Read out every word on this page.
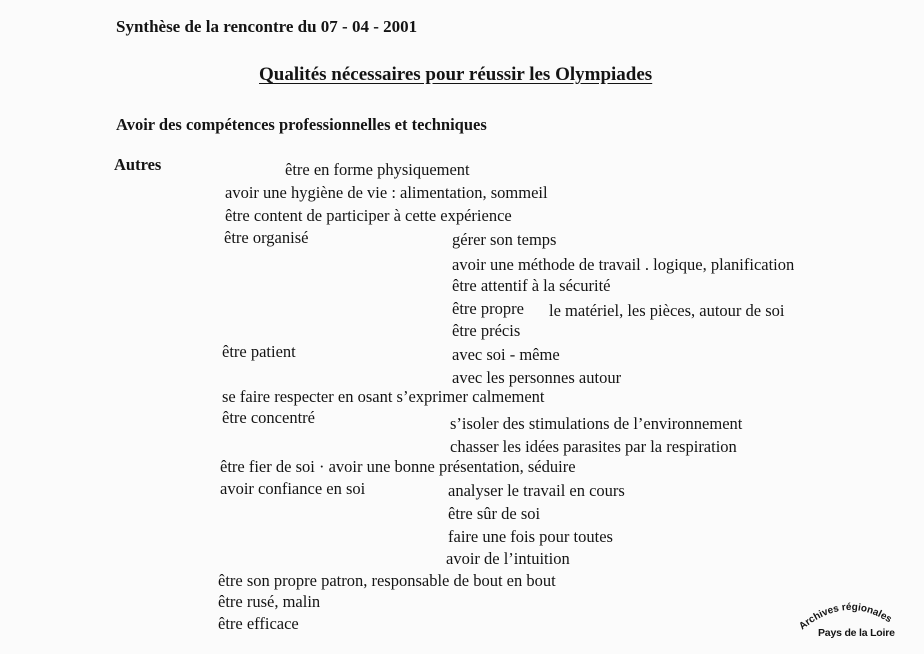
Synthèse de la rencontre du 07 - 04 - 2001
Qualités nécessaires pour réussir les Olympiades
Avoir des compétences professionnelles et techniques
Autres	être en forme physiquement
avoir une hygiène de vie : alimentation, sommeil
être content de participer à cette expérience
être organisé	gérer son temps
avoir une méthode de travail . logique, planification
être attentif à la sécurité
être propre le matériel, les pièces, autour de soi
être précis
être patient	avec soi - même
avec les personnes autour
se faire respecter en osant s’exprimer calmement
être concentré	s’isoler des stimulations de l’environnement
chasser les idées parasites par la respiration
être fier de soi · avoir une bonne présentation, séduire
avoir confiance en soi	analyser le travail en cours
être sûr de soi
faire une fois pour toutes
avoir de l’intuition
être son propre patron, responsable de bout en bout
être rusé, malin
être efficace	Archives régionales
Pays de la Loire
